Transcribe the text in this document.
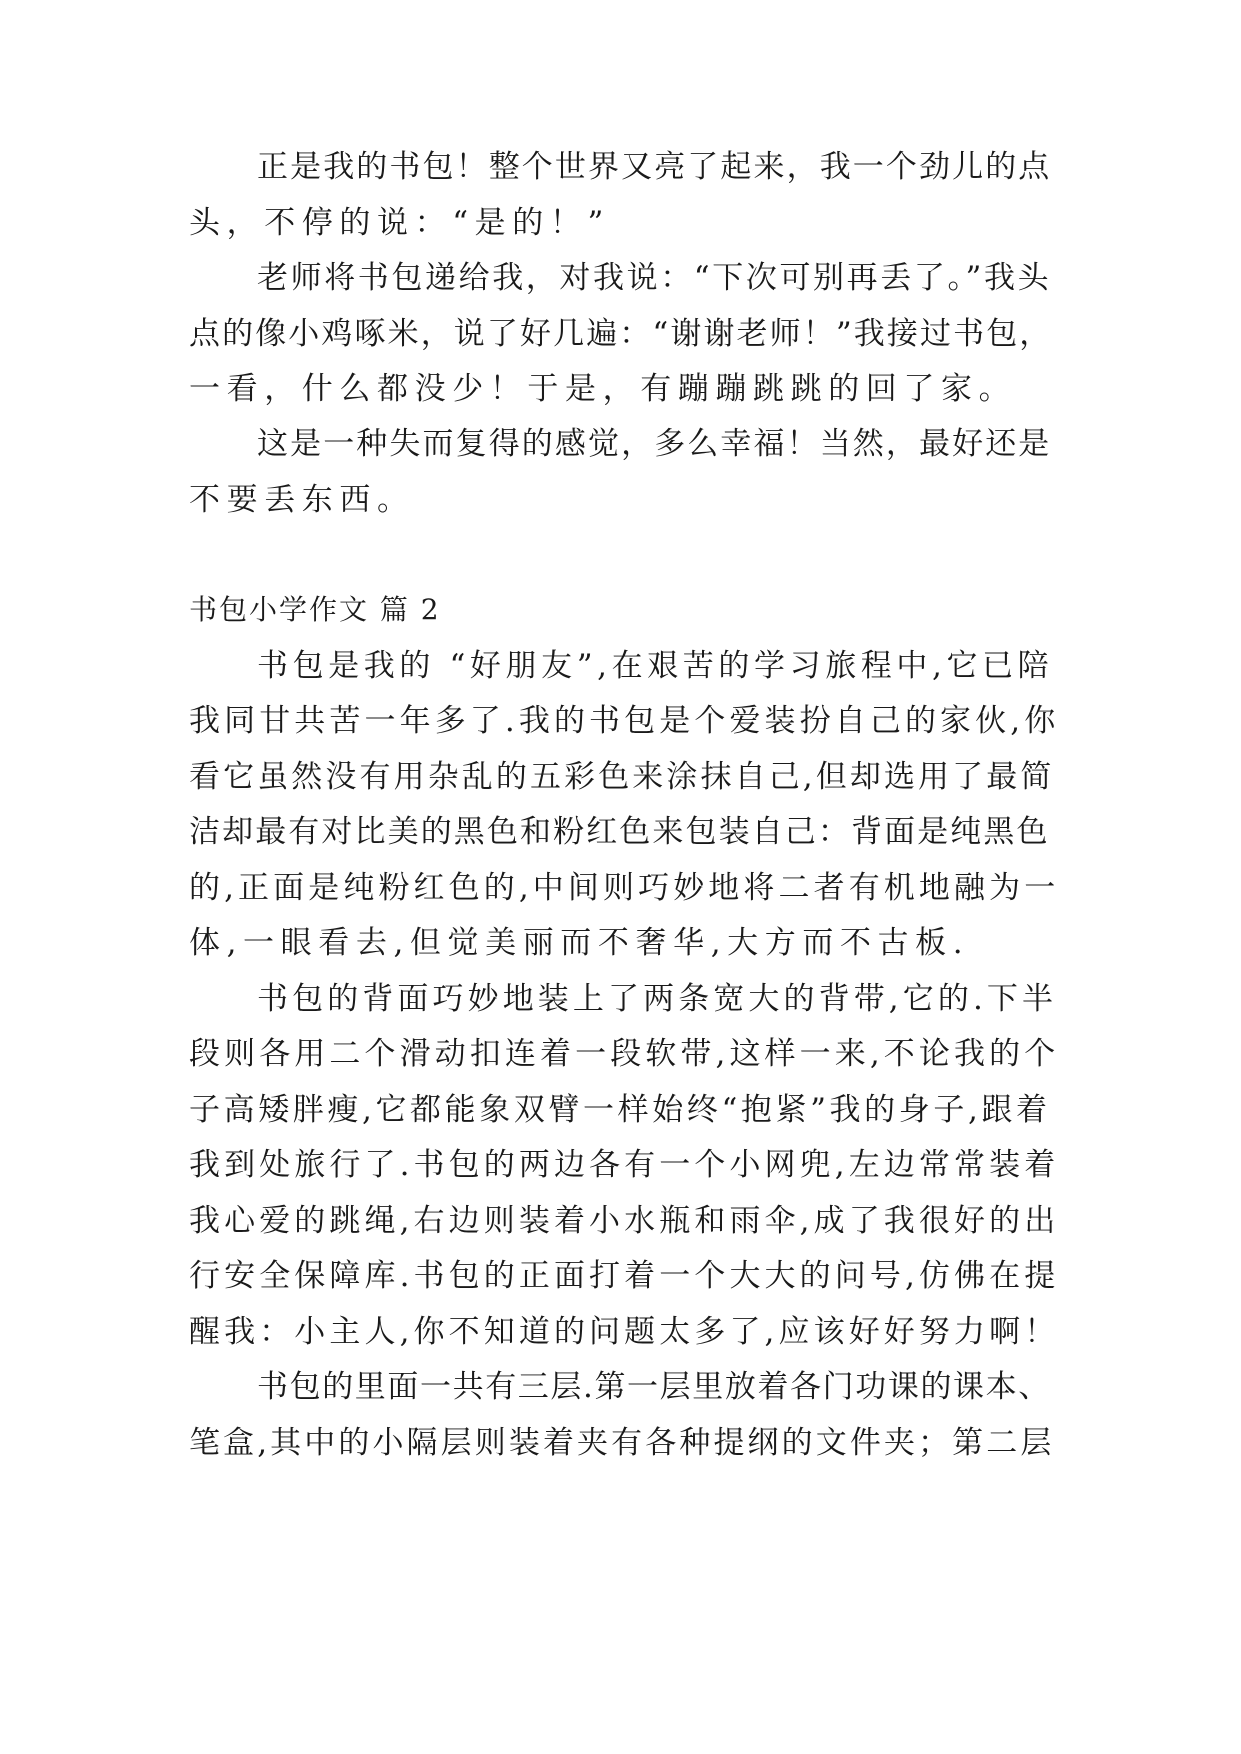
正是我的书包！整个世界又亮了起来，我一个劲儿的点
头，不停的说：“是的！”
老师将书包递给我，对我说：“下次可别再丢了。”我头
点的像小鸡啄米，说了好几遍：“谢谢老师！”我接过书包，
一看，什么都没少！于是，有蹦蹦跳跳的回了家。
这是一种失而复得的感觉，多么幸福！当然，最好还是
不要丢东西。
书包小学作文 篇 2
书包是我的 “好朋友”,在艰苦的学习旅程中,它已陪
我同甘共苦一年多了.我的书包是个爱装扮自己的家伙,你
看它虽然没有用杂乱的五彩色来涂抹自己,但却选用了最简
洁却最有对比美的黑色和粉红色来包装自己：背面是纯黑色
的,正面是纯粉红色的,中间则巧妙地将二者有机地融为一
体,一眼看去,但觉美丽而不奢华,大方而不古板.
书包的背面巧妙地装上了两条宽大的背带,它的.下半
段则各用二个滑动扣连着一段软带,这样一来,不论我的个
子高矮胖瘦,它都能象双臂一样始终“抱紧”我的身子,跟着
我到处旅行了.书包的两边各有一个小网兜,左边常常装着
我心爱的跳绳,右边则装着小水瓶和雨伞,成了我很好的出
行安全保障库.书包的正面打着一个大大的问号,仿佛在提
醒我：小主人,你不知道的问题太多了,应该好好努力啊！
书包的里面一共有三层.第一层里放着各门功课的课本、
笔盒,其中的小隔层则装着夹有各种提纲的文件夹；第二层
